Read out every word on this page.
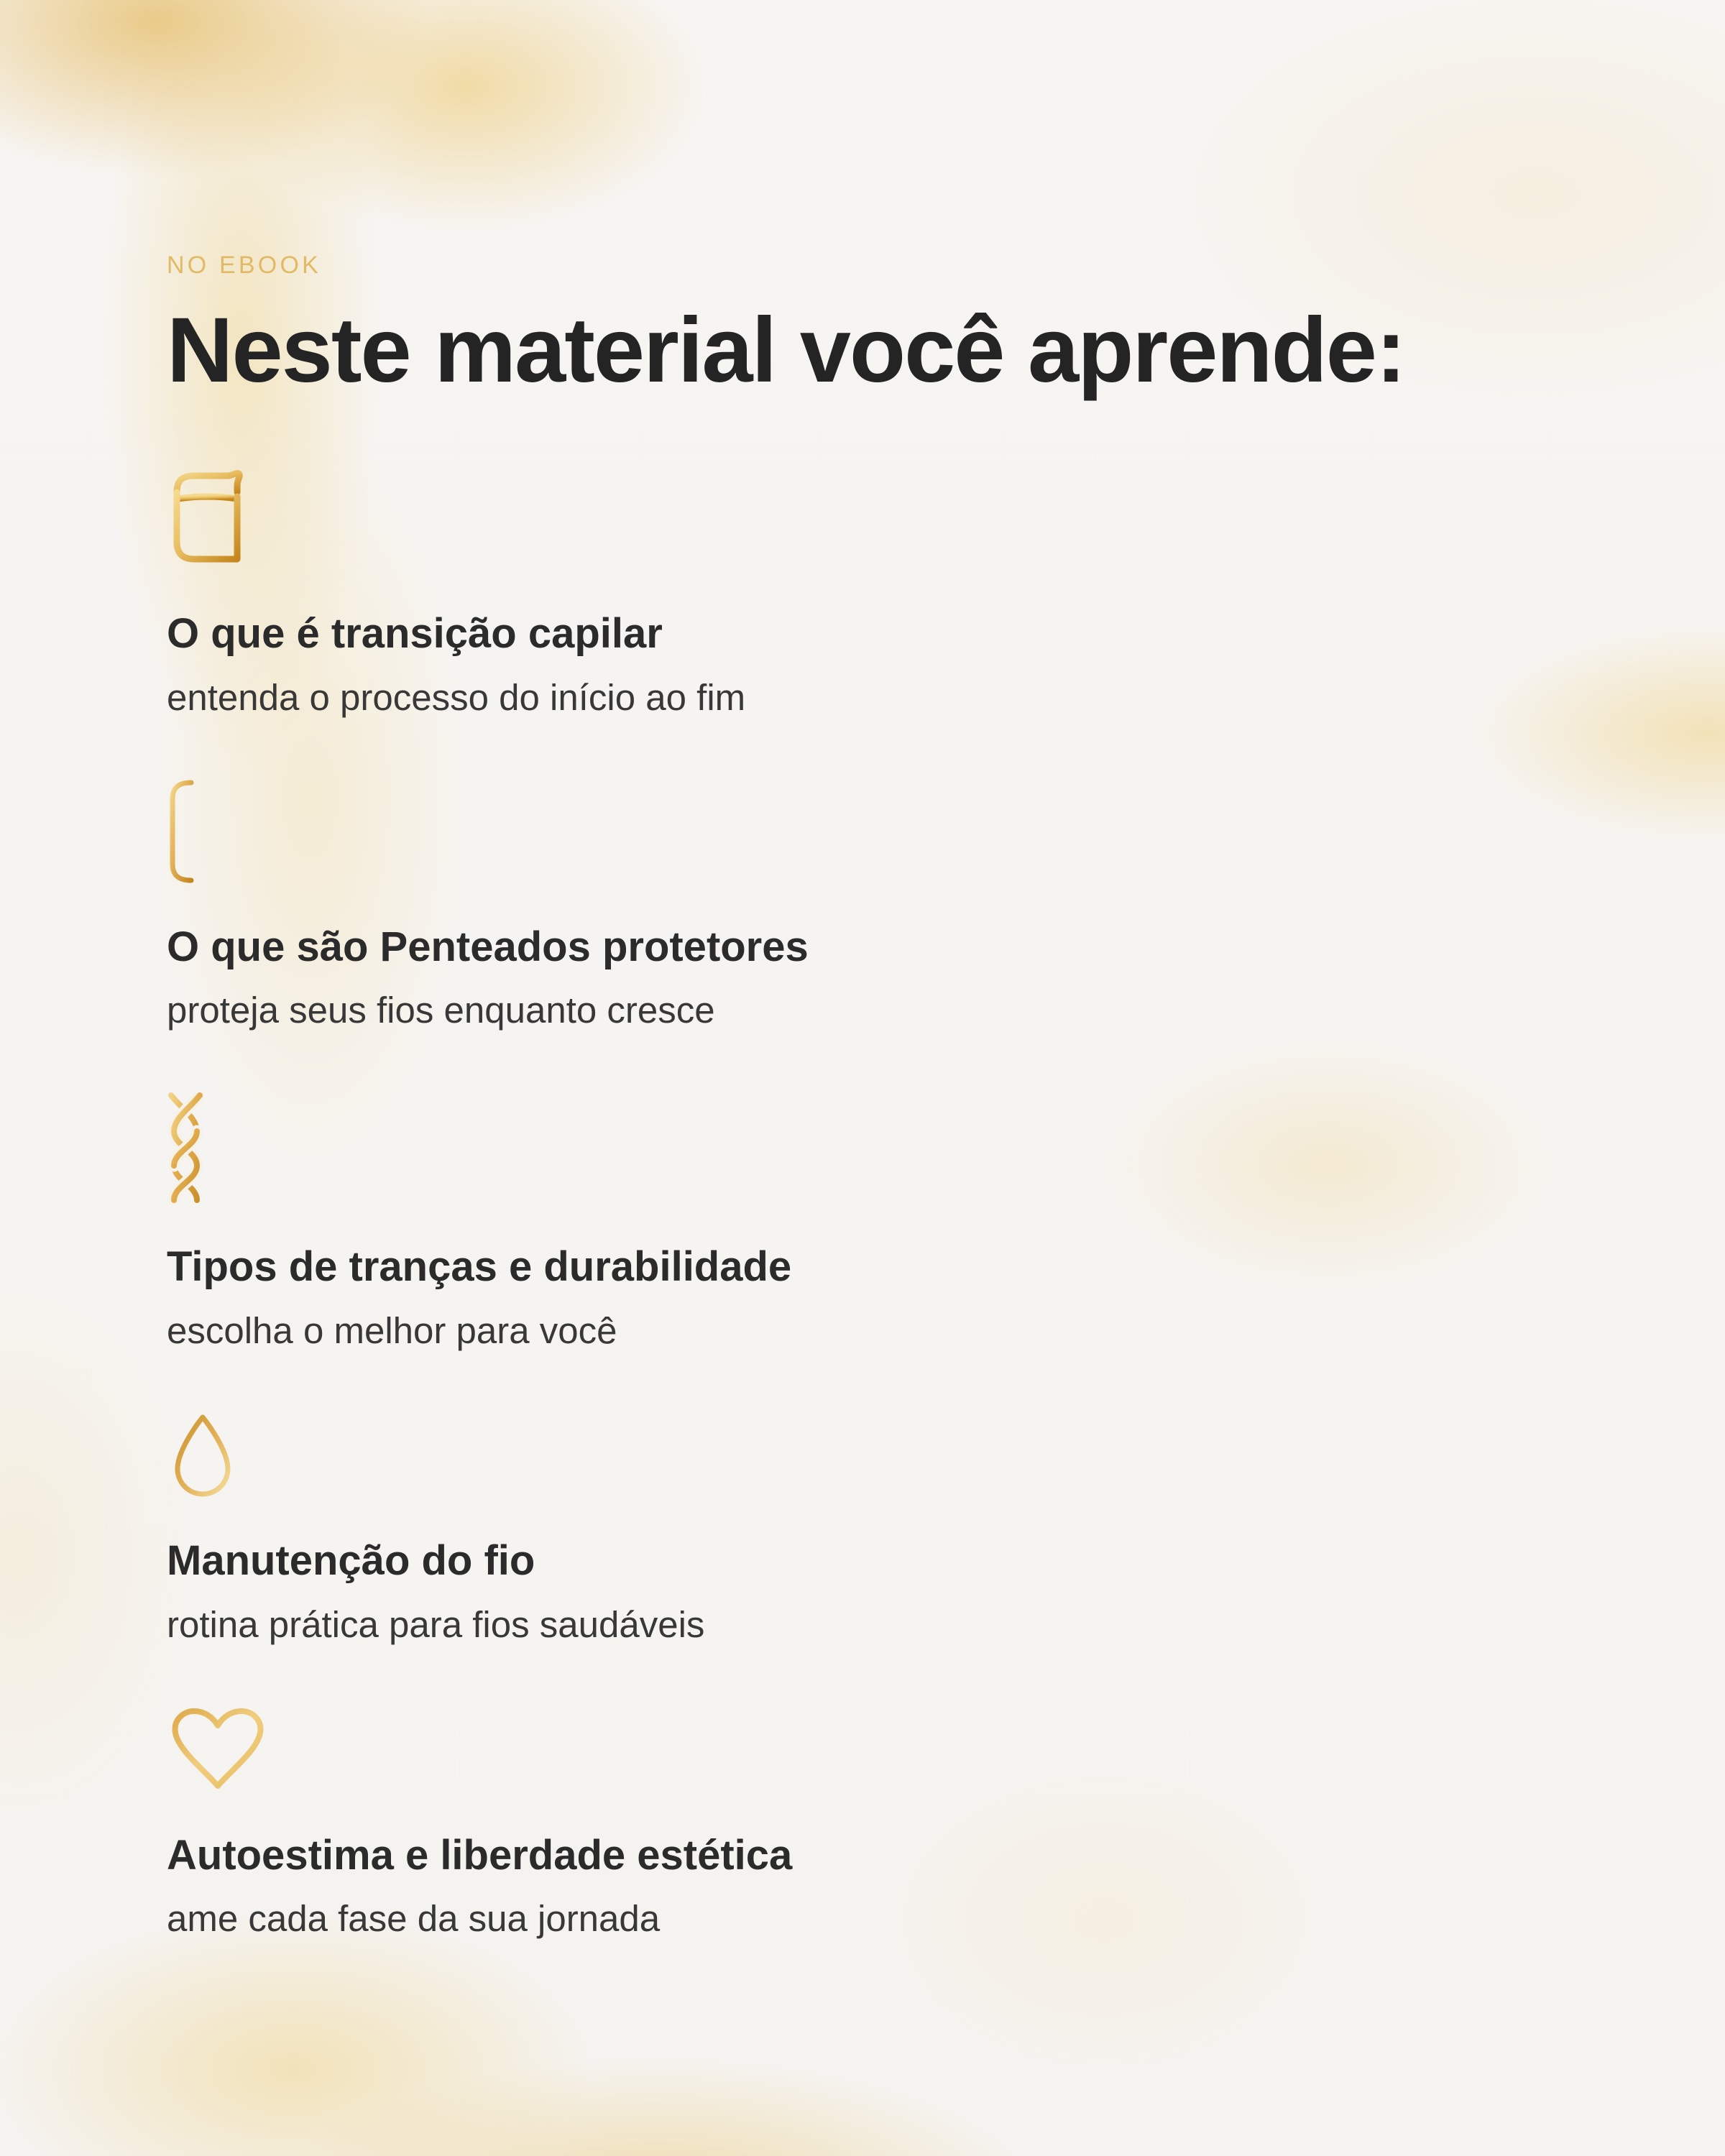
NO EBOOK
Neste material você aprende:
O que é transição capilar
entenda o processo do início ao fim
O que são Penteados protetores
proteja seus fios enquanto cresce
Tipos de tranças e durabilidade
escolha o melhor para você
Manutenção do fio
rotina prática para fios saudáveis
Autoestima e liberdade estética
ame cada fase da sua jornada
